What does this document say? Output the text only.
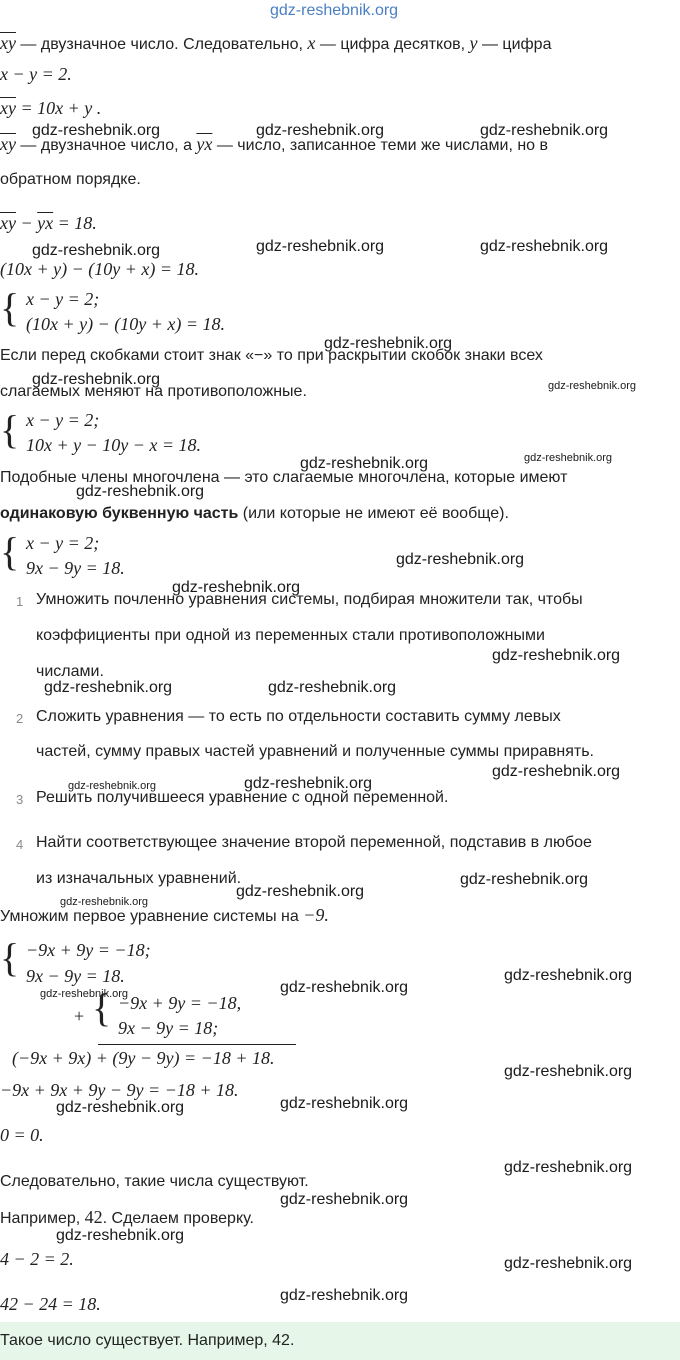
gdz-reshebnik.org
$\overline{xy}$ — двузначное число. Следовательно, x — цифра десятков, y — цифра
x − y = 2.
$\overline{xy} = 10x + y$ .
gdz-reshebnik.org	gdz-reshebnik.org	gdz-reshebnik.org
$\overline{xy}$ — двузначное число, а $\overline{yx}$ — число, записанное теми же числами, но в
обратном порядке.
$\overline{xy} - \overline{yx} = 18$.
gdz-reshebnik.org	gdz-reshebnik.org	gdz-reshebnik.org
(10x + y) − (10y + x) = 18.
{ x − y = 2;
(10x + y) − (10y + x) = 18.
gdz-reshebnik.org
Если перед скобками стоит знак «−» то при раскрытии скобок знаки всех
gdz-reshebnik.org	gdz-reshebnik.org
слагаемых меняют на противоположные.
{ x − y = 2;
10x + y − 10y − x = 18.
gdz-reshebnik.org	gdz-reshebnik.org
Подобные члены многочлена — это слагаемые многочлена, которые имеют
gdz-reshebnik.org
одинаковую буквенную часть (или которые не имеют её вообще).
{ x − y = 2;
9x − 9y = 18.	gdz-reshebnik.org
gdz-reshebnik.org
1 Умножить почленно уравнения системы, подбирая множители так, чтобы
коэффициенты при одной из переменных стали противоположными
gdz-reshebnik.org
числами.
gdz-reshebnik.org	gdz-reshebnik.org
2 Сложить уравнения — то есть по отдельности составить сумму левых
частей, сумму правых частей уравнений и полученные суммы приравнять.
gdz-reshebnik.org
gdz-reshebnik.org	gdz-reshebnik.org
3 Решить получившееся уравнение с одной переменной.
4 Найти соответствующее значение второй переменной, подставив в любое
из изначальных уравнений.	gdz-reshebnik.org
gdz-reshebnik.org
gdz-reshebnik.org
Умножим первое уравнение системы на −9.
{ −9x + 9y = −18;
9x − 9y = 18.	gdz-reshebnik.org
gdz-reshebnik.org
gdz-reshebnik.org
+ { −9x + 9y = −18,
9x − 9y = 18;
(−9x + 9x) + (9y − 9y) = −18 + 18.
gdz-reshebnik.org
−9x + 9x + 9y − 9y = −18 + 18.
gdz-reshebnik.org
gdz-reshebnik.org
0 = 0.
gdz-reshebnik.org
Следовательно, такие числа существуют.
gdz-reshebnik.org
Например, 42. Сделаем проверку.
gdz-reshebnik.org
4 − 2 = 2.	gdz-reshebnik.org
gdz-reshebnik.org
42 − 24 = 18.
Такое число существует. Например, 42.
